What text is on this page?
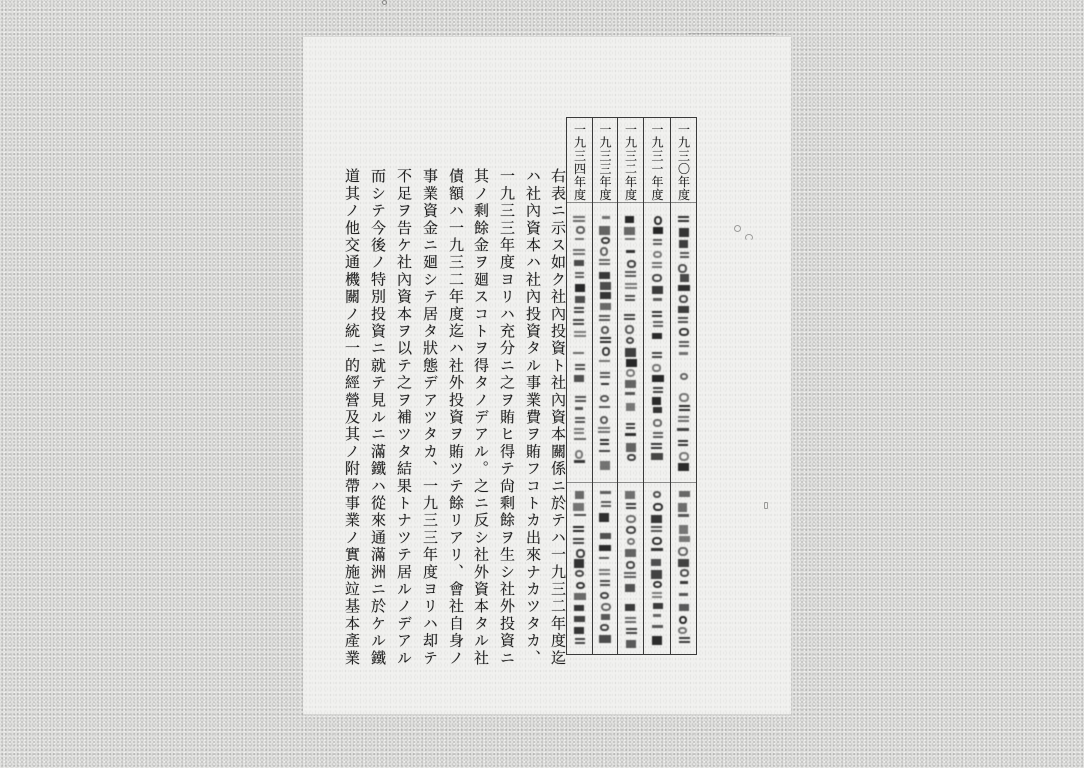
一九三四年度 一九三三年度 一九三二年度 一九三一年度 一九三〇年度

右表ニ示ス如ク社內投資ト社內資本關係ニ於テハ一九三二年度迄

ハ社內資本ハ社內投資タル事業費ヲ賄フコトカ出來ナカツタカ、

一九三三年度ヨリハ充分ニ之ヲ賄ヒ得テ尙剩餘ヲ生シ社外投資ニ

其ノ剩餘金ヲ廻スコトヲ得タノデアル。之ニ反シ社外資本タル社

債額ハ一九三二年度迄ハ社外投資ヲ賄ツテ餘リアリ、會社自身ノ

事業資金ニ廻シテ居タ狀態デアツタカ、一九三三年度ヨリハ却テ

不足ヲ告ケ社內資本ヲ以テ之ヲ補ツタ結果トナツテ居ルノデアル

而シテ今後ノ特別投資ニ就テ見ルニ滿鐵ハ從來通滿洲ニ於ケル鐵

道其ノ他交通機關ノ統一的經營及其ノ附帶事業ノ實施竝基本產業
